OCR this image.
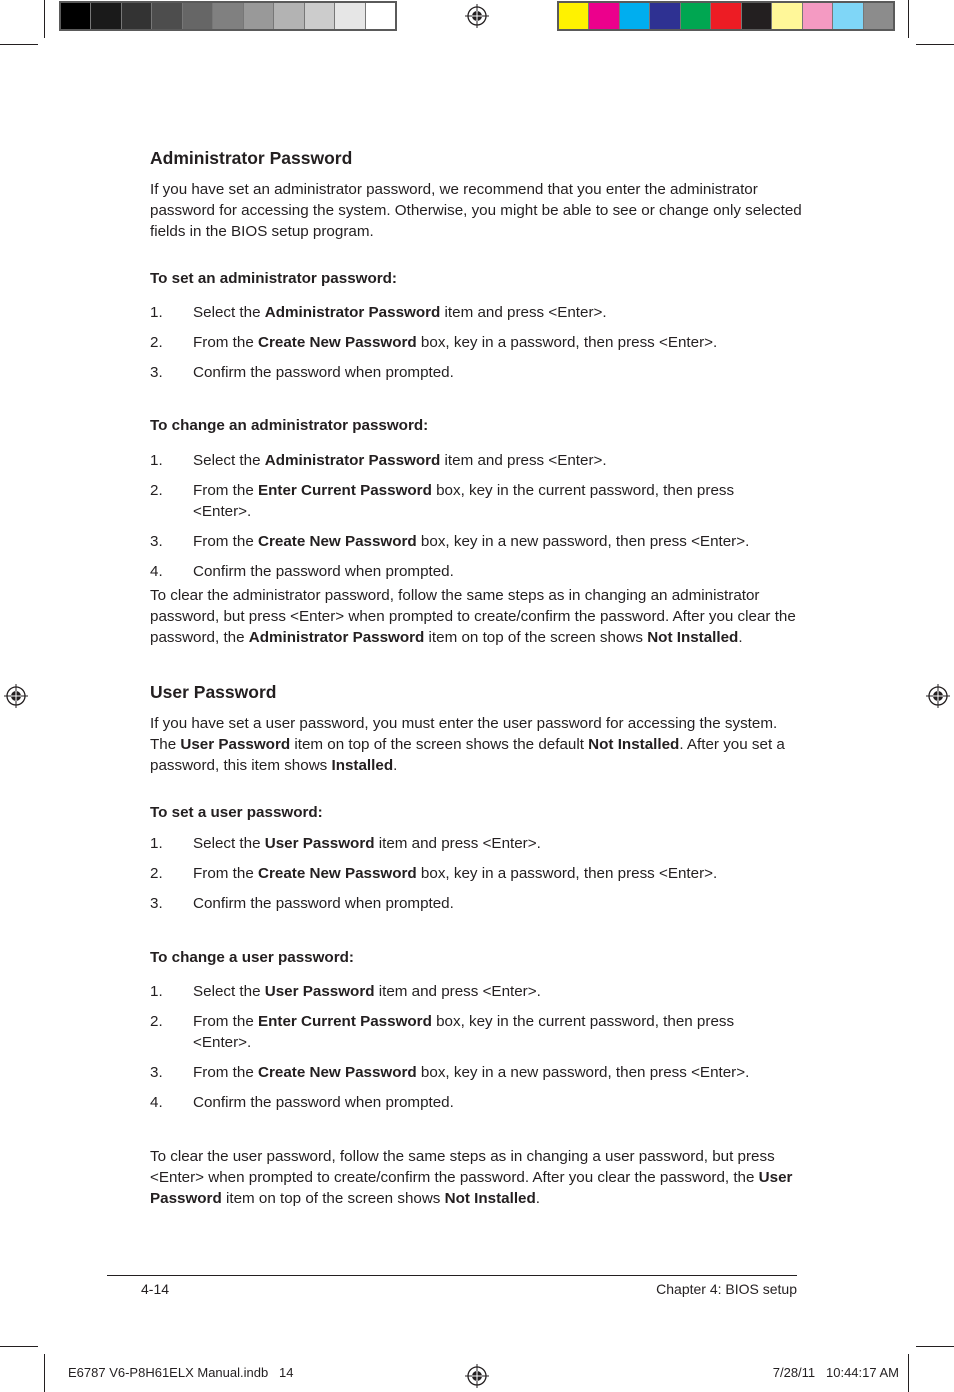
Administrator Password
If you have set an administrator password, we recommend that you enter the administrator password for accessing the system. Otherwise, you might be able to see or change only selected fields in the BIOS setup program.
To set an administrator password:
1. Select the Administrator Password item and press <Enter>.
2. From the Create New Password box, key in a password, then press <Enter>.
3. Confirm the password when prompted.
To change an administrator password:
1. Select the Administrator Password item and press <Enter>.
2. From the Enter Current Password box, key in the current password, then press <Enter>.
3. From the Create New Password box, key in a new password, then press <Enter>.
4. Confirm the password when prompted.
To clear the administrator password, follow the same steps as in changing an administrator password, but press <Enter> when prompted to create/confirm the password. After you clear the password, the Administrator Password item on top of the screen shows Not Installed.
User Password
If you have set a user password, you must enter the user password for accessing the system. The User Password item on top of the screen shows the default Not Installed. After you set a password, this item shows Installed.
To set a user password:
1. Select the User Password item and press <Enter>.
2. From the Create New Password box, key in a password, then press <Enter>.
3. Confirm the password when prompted.
To change a user password:
1. Select the User Password item and press <Enter>.
2. From the Enter Current Password box, key in the current password, then press <Enter>.
3. From the Create New Password box, key in a new password, then press <Enter>.
4. Confirm the password when prompted.
To clear the user password, follow the same steps as in changing a user password, but press <Enter> when prompted to create/confirm the password. After you clear the password, the User Password item on top of the screen shows Not Installed.
4-14	Chapter 4: BIOS setup
E6787 V6-P8H61ELX Manual.indb   14	7/28/11   10:44:17 AM
